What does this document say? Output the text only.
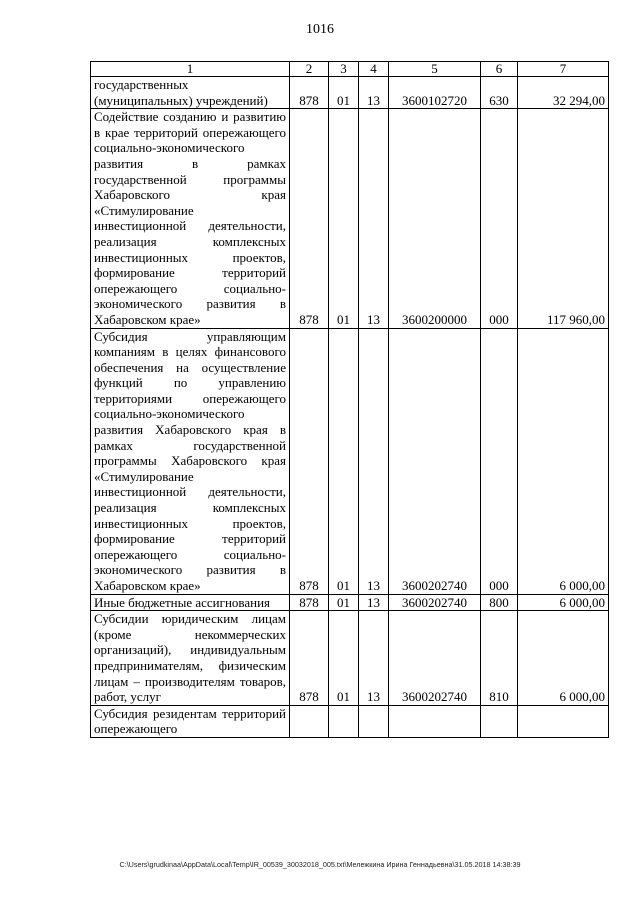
1016
1	2	3	4	5	6	7
государственных (муниципальных) учреждений)	878	01	13	3600102720	630	32 294,00
Содействие созданию и развитию в крае территорий опережающего социально-экономического развития в рамках государственной программы Хабаровского края «Стимулирование инвестиционной деятельности, реализация комплексных инвестиционных проектов, формирование территорий опережающего социально-экономического развития в Хабаровском крае»	878	01	13	3600200000	000	117 960,00
Субсидия управляющим компаниям в целях финансового обеспечения на осуществление функций по управлению территориями опережающего социально-экономического развития Хабаровского края в рамках государственной программы Хабаровского края «Стимулирование инвестиционной деятельности, реализация комплексных инвестиционных проектов, формирование территорий опережающего социально-экономического развития в Хабаровском крае»	878	01	13	3600202740	000	6 000,00
Иные бюджетные ассигнования	878	01	13	3600202740	800	6 000,00
Субсидии юридическим лицам (кроме некоммерческих организаций), индивидуальным предпринимателям, физическим лицам – производителям товаров, работ, услуг	878	01	13	3600202740	810	6 000,00
Субсидия резидентам территорий опережающего						
C:\Users\grudkinaa\AppData\Local\Temp\IR_00539_30032018_005.txt\Мележкина Ирина Геннадьевна\31.05.2018 14:38:39
